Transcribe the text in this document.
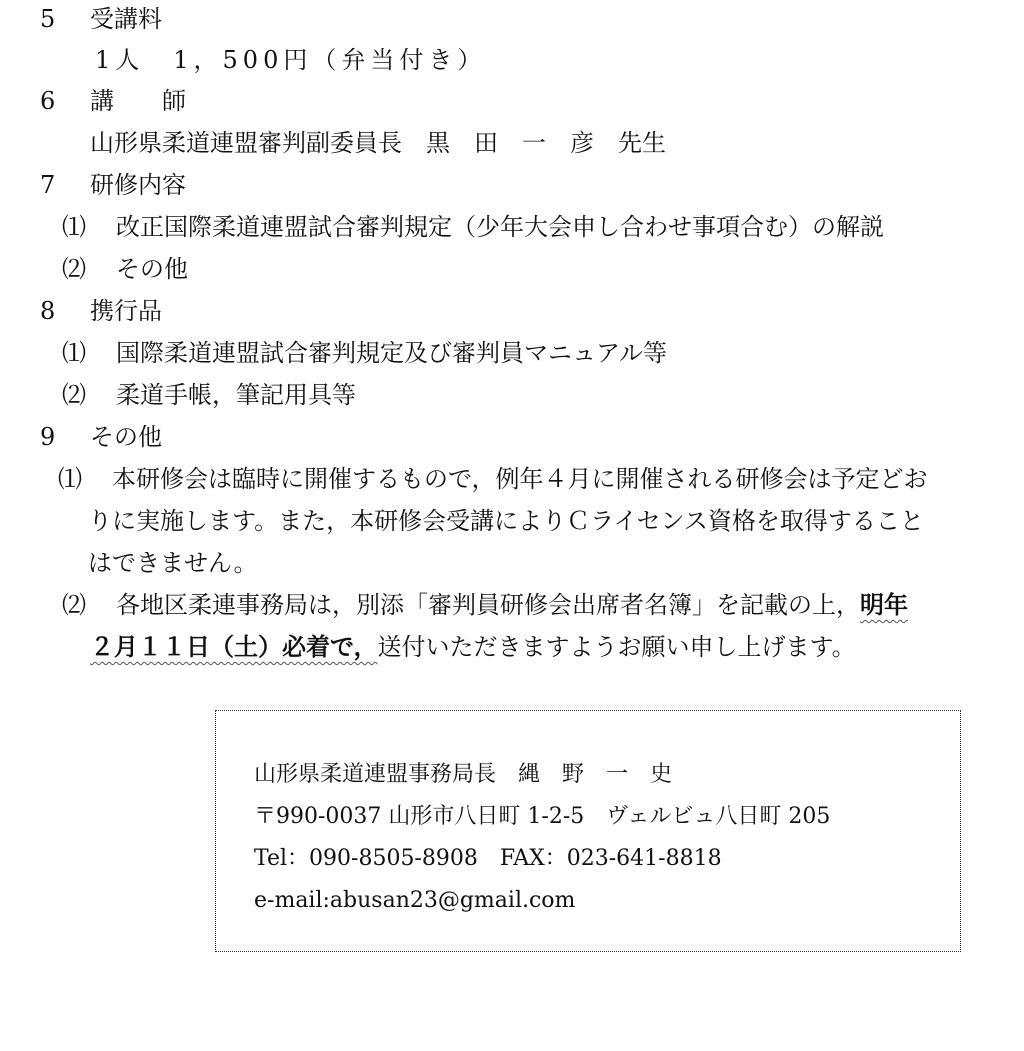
5 受講料
1人　1，500円（弁当付き）
6 講　　師
山形県柔道連盟審判副委員長　黒　田　一　彦　先生
7 研修内容
⑴ 改正国際柔道連盟試合審判規定（少年大会申し合わせ事項合む）の解説
⑵ その他
8 携行品
⑴ 国際柔道連盟試合審判規定及び審判員マニュアル等
⑵ 柔道手帳，筆記用具等
9 その他
⑴ 本研修会は臨時に開催するもので，例年４月に開催される研修会は予定どお
りに実施します。また，本研修会受講によりＣライセンス資格を取得すること
はできません。
⑵ 各地区柔連事務局は，別添「審判員研修会出席者名簿」を記載の上，明年
２月１１日（土）必着で，送付いただきますようお願い申し上げます。
山形県柔道連盟事務局長　縄　野　一　史
〒990-0037 山形市八日町 1-2-5　ヴェルビュ八日町 205
Tel：090-8505-8908　FAX：023-641-8818
e-mail:abusan23@gmail.com
